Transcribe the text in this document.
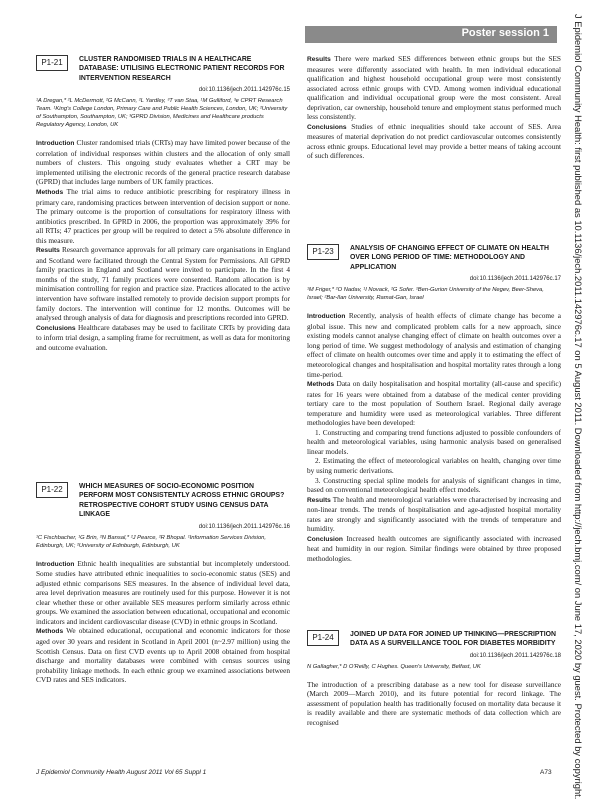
Poster session 1	J Epidemiol Community Health: first published as 10.1136/jech.2011.142976c.17 on 5 August 2011. Downloaded from http://jech.bmj.com/ on June 17, 2020 by guest. Protected by copyright.
P1-21	CLUSTER RANDOMISED TRIALS IN A HEALTHCARE DATABASE: UTILISING ELECTRONIC PATIENT RECORDS FOR INTERVENTION RESEARCH
doi:10.1136/jech.2011.142976c.15
¹A Dregan,* ²L McDermott, ²G McCann, ²L Yardley, ³T van Staa, ¹M Gulliford, ³e CPRT Research Team. ¹King's College London, Primary Care and Public Health Sciences, London, UK; ²University of Southampton, Southampton, UK; ³GPRD Division, Medicines and Healthcare products Regulatory Agency, London, UK

Introduction Cluster randomised trials (CRTs) may have limited power because of the correlation of individual responses within clusters and the allocation of only small numbers of clusters. This ongoing study evaluates whether a CRT may be implemented utilising the electronic records of the general practice research database (GPRD) that includes large numbers of UK family practices.

Methods The trial aims to reduce antibiotic prescribing for respiratory illness in primary care, randomising practices between intervention of decision support or none. The primary outcome is the proportion of consultations for respiratory illness with antibiotics prescribed. In GPRD in 2006, the proportion was approximately 39% for all RTIs; 47 practices per group will be required to detect a 5% absolute difference in this measure.

Results Research governance approvals for all primary care organisations in England and Scotland were facilitated through the Central System for Permissions. All GPRD family practices in England and Scotland were invited to participate. In the first 4 months of the study, 71 family practices were consented. Random allocation is by minimisation controlling for region and practice size. Practices allocated to the active intervention have software installed remotely to provide decision support prompts for family doctors. The intervention will continue for 12 months. Outcomes will be analysed through analysis of data for diagnosis and prescriptions recorded into GPRD.

Conclusions Healthcare databases may be used to facilitate CRTs by providing data to inform trial design, a sampling frame for recruitment, as well as data for monitoring and outcome evaluation.

P1-22	WHICH MEASURES OF SOCIO-ECONOMIC POSITION PERFORM MOST CONSISTENTLY ACROSS ETHNIC GROUPS? RETROSPECTIVE COHORT STUDY USING CENSUS DATA LINKAGE
doi:10.1136/jech.2011.142976c.16
¹C Fischbacher, ¹G Brin, ²N Bansal,* ²J Pearce, ²R Bhopal. ¹Information Services Division, Edinburgh, UK; ²University of Edinburgh, Edinburgh, UK

Introduction Ethnic health inequalities are substantial but incompletely understood. Some studies have attributed ethnic inequalities to socio-economic status (SES) and adjusted ethnic comparisons SES measures. In the absence of individual level data, area level deprivation measures are routinely used for this purpose. However it is not clear whether these or other available SES measures perform similarly across ethnic groups. We examined the association between educational, occupational and economic indicators and incident cardiovascular disease (CVD) in ethnic groups in Scotland.

Methods We obtained educational, occupational and economic indicators for those aged over 30 years and resident in Scotland in April 2001 (n~2.97 million) using the Scottish Census. Data on first CVD events up to April 2008 obtained from hospital discharge and mortality databases were combined with census sources using probability linkage methods. In each ethnic group we examined associations between CVD rates and SES indicators.

Results There were marked SES differences between ethnic groups but the SES measures were differently associated with health. In men individual educational qualification and highest household occupational group were most consistently associated across ethnic groups with CVD. Among women individual educational qualification and individual occupational group were the most consistent. Areal deprivation, car ownership, household tenure and employment status performed much less consistently.

Conclusions Studies of ethnic inequalities should take account of SES. Area measures of material deprivation do not predict cardiovascular outcomes consistently across ethnic groups. Educational level may provide a better means of taking account of such differences.

P1-23	ANALYSIS OF CHANGING EFFECT OF CLIMATE ON HEALTH OVER LONG PERIOD OF TIME: METHODOLOGY AND APPLICATION
doi:10.1136/jech.2011.142976c.17
¹M Friger,* ²O Nadav, ¹I Novack, ²G Sofer. ¹Ben-Gurion University of the Negev, Beer-Sheva, Israel; ²Bar-Ilan University, Ramat-Gan, Israel

Introduction Recently, analysis of health effects of climate change has become a global issue. This new and complicated problem calls for a new approach, since existing models cannot analyse changing effect of climate on health outcomes over a long period of time. We suggest methodology of analysis and estimation of changing effect of climate on health outcomes over time and apply it to estimating the effect of meteorological changes and hospitalisation and hospital mortality rates through a long time-period.

Methods Data on daily hospitalisation and hospital mortality (all-cause and specific) rates for 16 years were obtained from a database of the medical center providing tertiary care to the most population of Southern Israel. Regional daily average temperature and humidity were used as meteorological variables. Three different methodologies have been developed:

1. Constructing and comparing trend functions adjusted to possible confounders of health and meteorological variables, using harmonic analysis based on generalised linear models.

2. Estimating the effect of meteorological variables on health, changing over time by using numeric derivations.

3. Constructing special spline models for analysis of significant changes in time, based on conventional meteorological health effect models.

Results The health and meteorological variables were characterised by increasing and non-linear trends. The trends of hospitalisation and age-adjusted hospital mortality rates are strongly and significantly associated with the trends of temperature and humidity.

Conclusion Increased health outcomes are significantly associated with increased heat and humidity in our region. Similar findings were obtained by three proposed methodologies.

P1-24	JOINED UP DATA FOR JOINED UP THINKING—PRESCRIPTION DATA AS A SURVEILLANCE TOOL FOR DIABETES MORBIDITY
doi:10.1136/jech.2011.142976c.18
N Gallagher,* D O'Reilly, C Hughes. Queen's University, Belfast, UK

The introduction of a prescribing database as a new tool for disease surveillance (March 2009—March 2010), and its future potential for record linkage. The assessment of population health has traditionally focused on mortality data because it is readily available and there are systematic methods of data collection which are recognised

J Epidemiol Community Health August 2011 Vol 65 Suppl 1	A73
